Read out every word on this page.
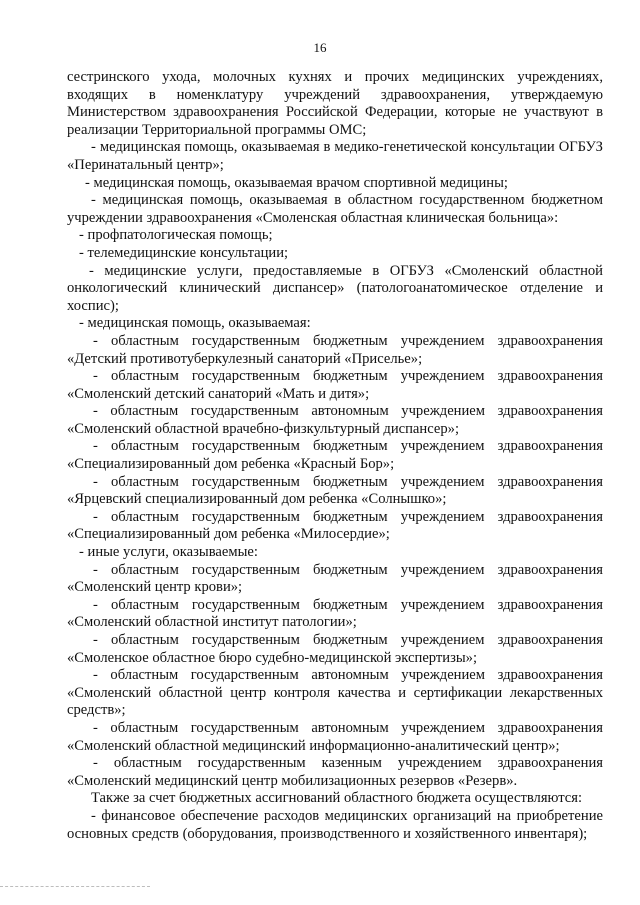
16

сестринского ухода, молочных кухнях и прочих медицинских учреждениях, входящих в номенклатуру учреждений здравоохранения, утверждаемую Министерством здравоохранения Российской Федерации, которые не участвуют в реализации Территориальной программы ОМС;

- медицинская помощь, оказываемая в медико-генетической консультации ОГБУЗ «Перинатальный центр»;

- медицинская помощь, оказываемая врачом спортивной медицины;

- медицинская помощь, оказываемая в областном государственном бюджетном учреждении здравоохранения «Смоленская областная клиническая больница»:

- профпатологическая помощь;

- телемедицинские консультации;

- медицинские услуги, предоставляемые в ОГБУЗ «Смоленский областной онкологический клинический диспансер» (патологоанатомическое отделение и хоспис);

- медицинская помощь, оказываемая:

- областным государственным бюджетным учреждением здравоохранения «Детский противотуберкулезный санаторий «Приселье»;

- областным государственным бюджетным учреждением здравоохранения «Смоленский детский санаторий «Мать и дитя»;

- областным государственным автономным учреждением здравоохранения «Смоленский областной врачебно-физкультурный диспансер»;

- областным государственным бюджетным учреждением здравоохранения «Специализированный дом ребенка «Красный Бор»;

- областным государственным бюджетным учреждением здравоохранения «Ярцевский специализированный дом ребенка «Солнышко»;

- областным государственным бюджетным учреждением здравоохранения «Специализированный дом ребенка «Милосердие»;

- иные услуги, оказываемые:

- областным государственным бюджетным учреждением здравоохранения «Смоленский центр крови»;

- областным государственным бюджетным учреждением здравоохранения «Смоленский областной институт патологии»;

- областным государственным бюджетным учреждением здравоохранения «Смоленское областное бюро судебно-медицинской экспертизы»;

- областным государственным автономным учреждением здравоохранения «Смоленский областной центр контроля качества и сертификации лекарственных средств»;

- областным государственным автономным учреждением здравоохранения «Смоленский областной медицинский информационно-аналитический центр»;

- областным государственным казенным учреждением здравоохранения «Смоленский медицинский центр мобилизационных резервов «Резерв».

Также за счет бюджетных ассигнований областного бюджета осуществляются:

- финансовое обеспечение расходов медицинских организаций на приобретение основных средств (оборудования, производственного и хозяйственного инвентаря);
